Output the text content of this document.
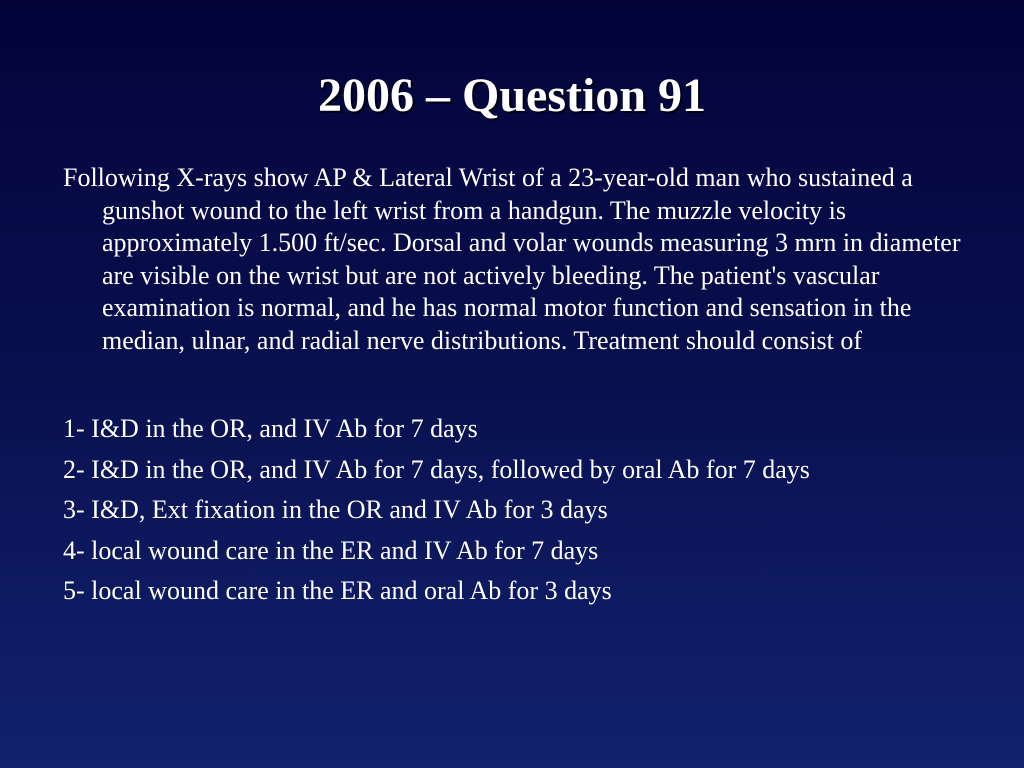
2006 – Question 91

Following X-rays show AP & Lateral Wrist of a 23-year-old man who sustained a gunshot wound to the left wrist from a handgun. The muzzle velocity is approximately 1.500 ft/sec. Dorsal and volar wounds measuring 3 mrn in diameter are visible on the wrist but are not actively bleeding. The patient's vascular examination is normal, and he has normal motor function and sensation in the median, ulnar, and radial nerve distributions. Treatment should consist of

1- I&D in the OR, and IV Ab for 7 days

2- I&D in the OR, and IV Ab for 7 days, followed by oral Ab for 7 days

3- I&D, Ext fixation in the OR and IV Ab for 3 days

4- local wound care in the ER and IV Ab for 7 days

5- local wound care in the ER and oral Ab for 3 days
